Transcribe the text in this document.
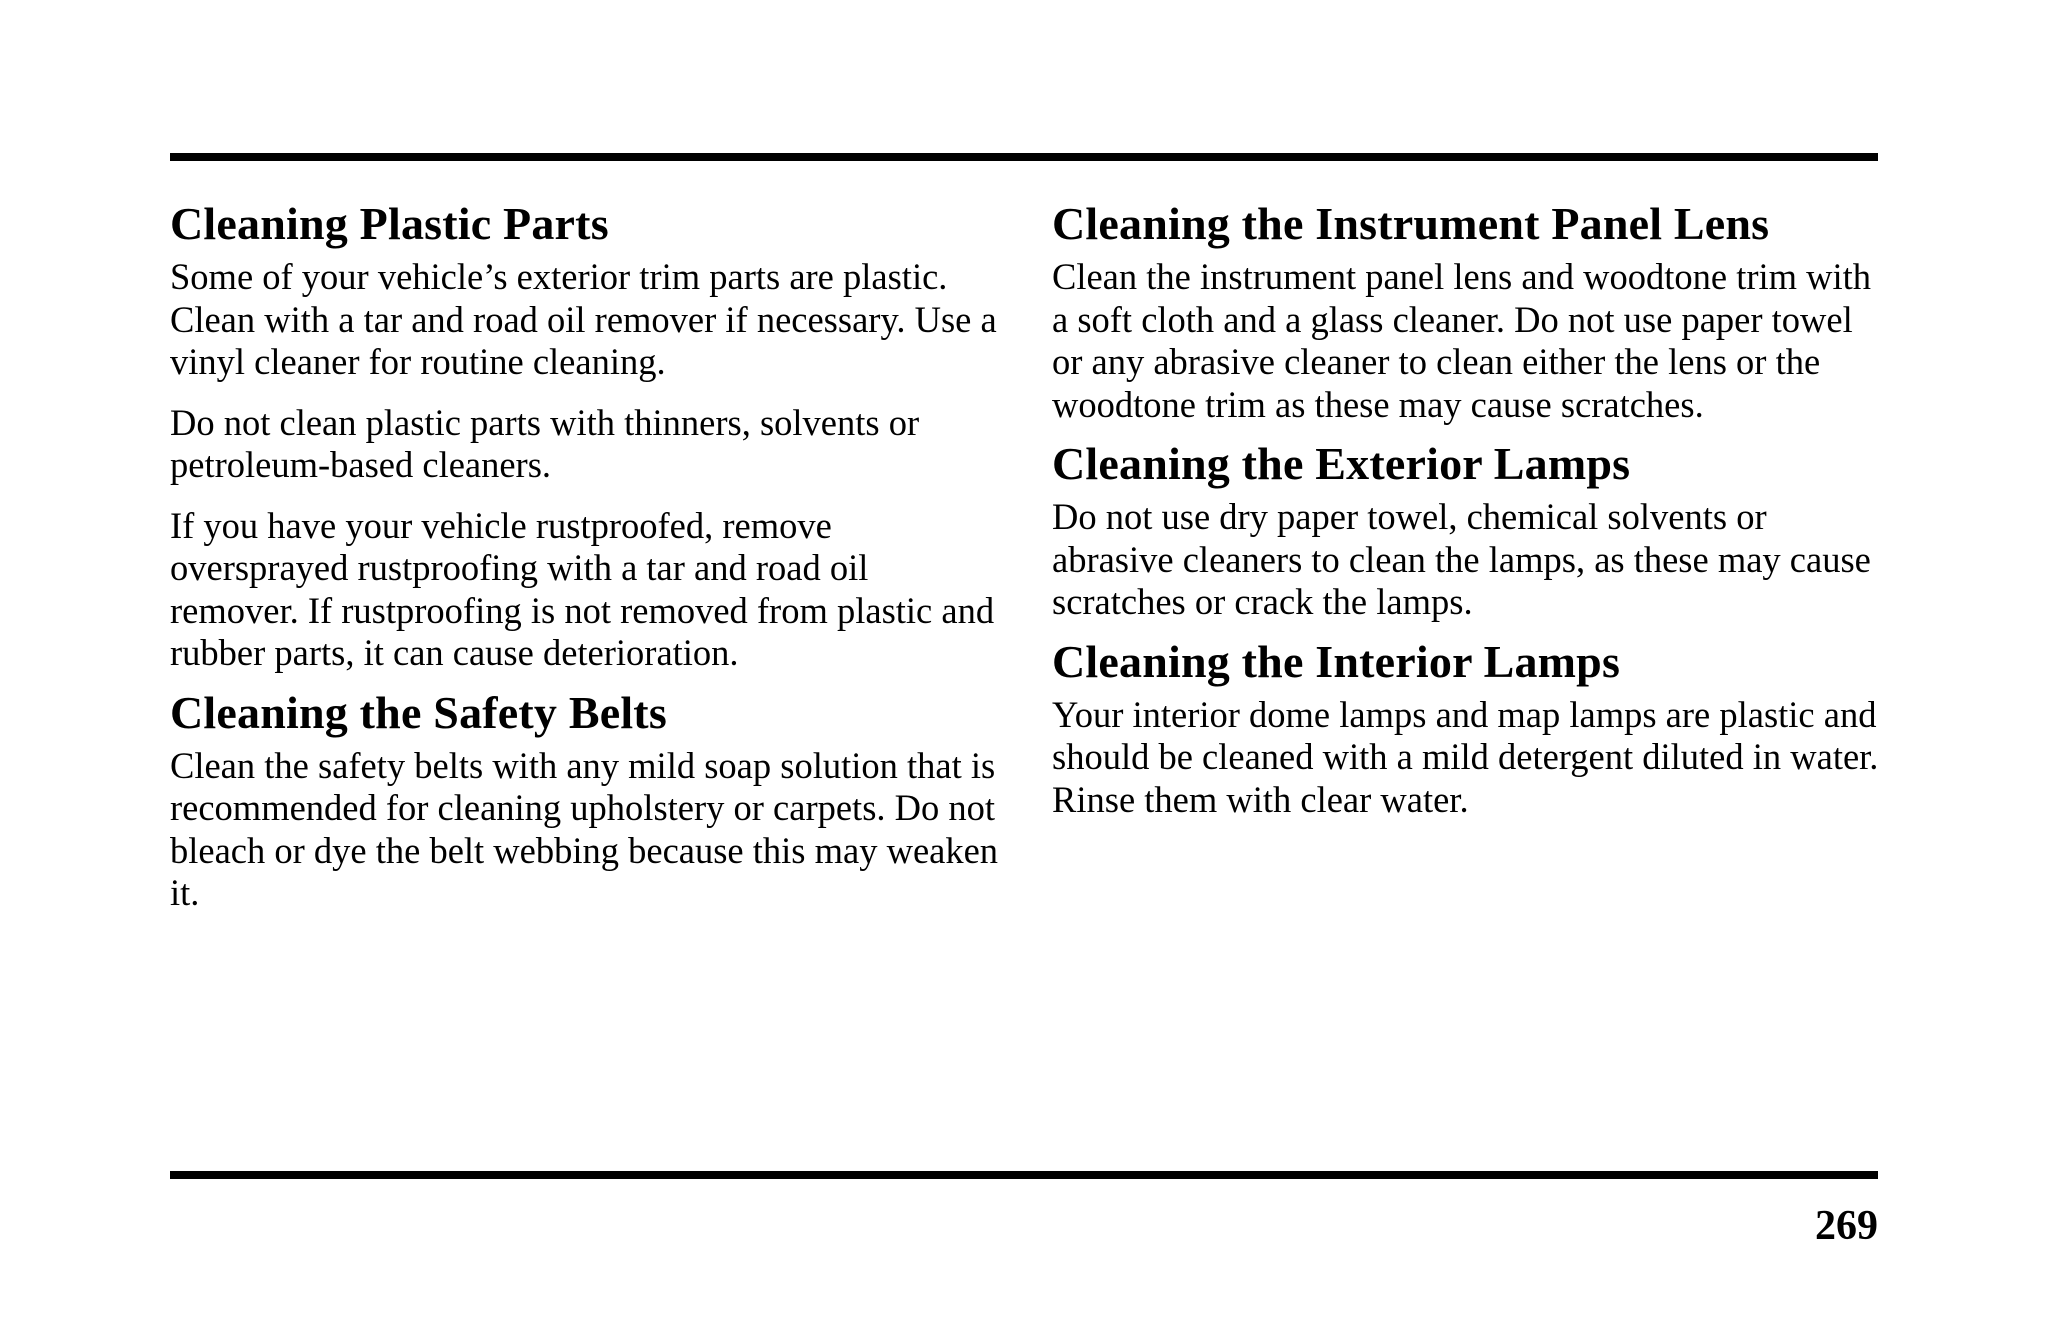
Cleaning Plastic Parts

Some of your vehicle’s exterior trim parts are plastic. Clean with a tar and road oil remover if necessary. Use a vinyl cleaner for routine cleaning.

Do not clean plastic parts with thinners, solvents or petroleum-based cleaners.

If you have your vehicle rustproofed, remove oversprayed rustproofing with a tar and road oil remover. If rustproofing is not removed from plastic and rubber parts, it can cause deterioration.

Cleaning the Safety Belts

Clean the safety belts with any mild soap solution that is recommended for cleaning upholstery or carpets. Do not bleach or dye the belt webbing because this may weaken it.

Cleaning the Instrument Panel Lens

Clean the instrument panel lens and woodtone trim with a soft cloth and a glass cleaner. Do not use paper towel or any abrasive cleaner to clean either the lens or the woodtone trim as these may cause scratches.

Cleaning the Exterior Lamps

Do not use dry paper towel, chemical solvents or abrasive cleaners to clean the lamps, as these may cause scratches or crack the lamps.

Cleaning the Interior Lamps

Your interior dome lamps and map lamps are plastic and should be cleaned with a mild detergent diluted in water. Rinse them with clear water.

269
